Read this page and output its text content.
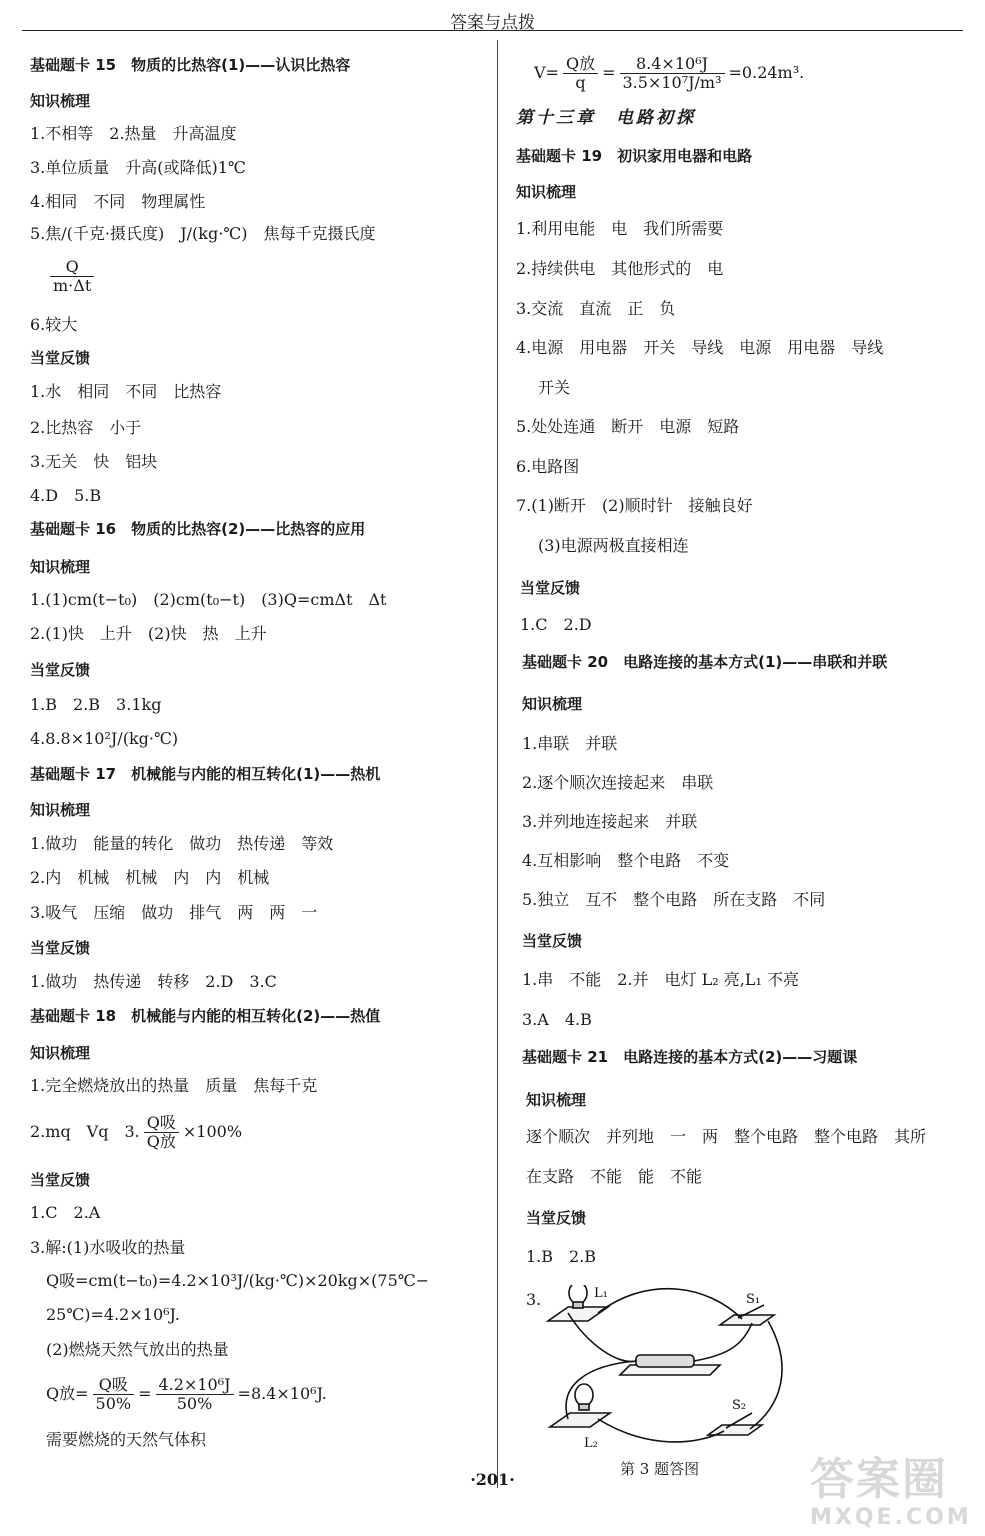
答案与点拨
基础题卡 15　物质的比热容(1)——认识比热容
知识梳理
1.不相等　2.热量　升高温度
3.单位质量　升高(或降低)1℃
4.相同　不同　物理属性
5.焦/(千克·摄氏度)　J/(kg·℃)　焦每千克摄氏度
$\frac{Q}{m\cdot\Delta t}$
6.较大
当堂反馈
1.水　相同　不同　比热容
2.比热容　小于
3.无关　快　铝块
4.D　5.B
基础题卡 16　物质的比热容(2)——比热容的应用
知识梳理
1.(1)cm(t−t₀)　(2)cm(t₀−t)　(3)Q=cmΔt　Δt
2.(1)快　上升　(2)快　热　上升
当堂反馈
1.B　2.B　3.1kg
4.8.8×10²J/(kg·℃)
基础题卡 17　机械能与内能的相互转化(1)——热机
知识梳理
1.做功　能量的转化　做功　热传递　等效
2.内　机械　机械　内　内　机械
3.吸气　压缩　做功　排气　两　两　一
当堂反馈
1.做功　热传递　转移　2.D　3.C
基础题卡 18　机械能与内能的相互转化(2)——热值
知识梳理
1.完全燃烧放出的热量　质量　焦每千克
2.mq　Vq　3. $\frac{\text{Q吸}}{\text{Q放}} \times 100\%$
当堂反馈
1.C　2.A
3.解:(1)水吸收的热量
Q吸=cm(t−t₀)=4.2×10³J/(kg·℃)×20kg×(75℃−
25℃)=4.2×10⁶J.
(2)燃烧天然气放出的热量
Q放= $\frac{\text{Q吸}}{50\%} = \frac{\text{4.2×10⁶J}}{50\%} =8.4\times 10^6J$.
需要燃烧的天然气体积
$V= \frac{\text{Q放}}{q} = \frac{\text{8.4×10⁶J}}{\text{3.5×10⁷J/m³}} =0.24m^3$.
第十三章　电路初探
基础题卡 19　初识家用电器和电路
知识梳理
1.利用电能　电　我们所需要
2.持续供电　其他形式的　电
3.交流　直流　正　负
4.电源　用电器　开关　导线　电源　用电器　导线
开关
5.处处连通　断开　电源　短路
6.电路图
7.(1)断开　(2)顺时针　接触良好
(3)电源两极直接相连
当堂反馈
1.C　2.D
基础题卡 20　电路连接的基本方式(1)——串联和并联
知识梳理
1.串联　并联
2.逐个顺次连接起来　串联
3.并列地连接起来　并联
4.互相影响　整个电路　不变
5.独立　互不　整个电路　所在支路　不同
当堂反馈
1.串　不能　2.并　电灯 L₂ 亮,L₁ 不亮
3.A　4.B
基础题卡 21　电路连接的基本方式(2)——习题课
知识梳理
逐个顺次　并列地　一　两　整个电路　整个电路　其所
在支路　不能　能　不能
当堂反馈
1.B　2.B
3.	L₁
L₂
S₁
S₂
第 3 题答图
·201·	答案圈
MXQE.COM
